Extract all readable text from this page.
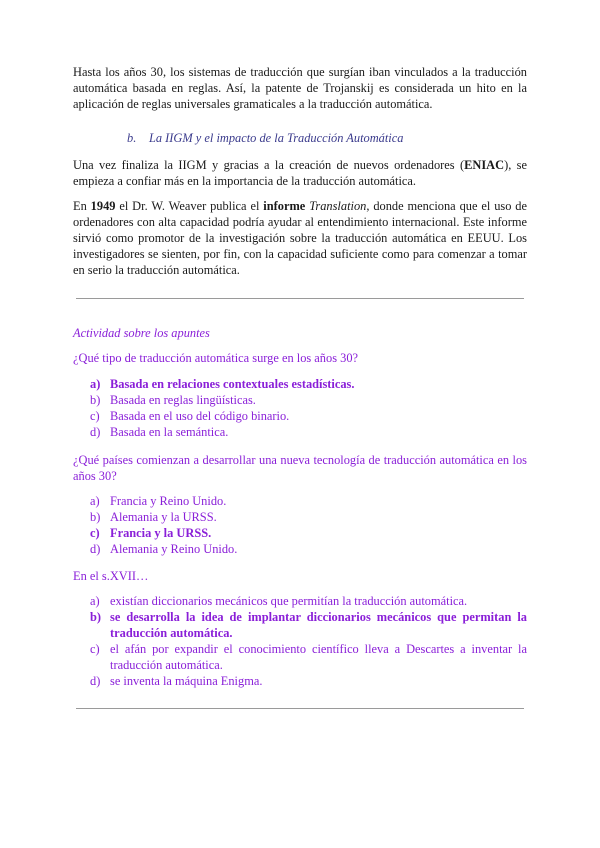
Hasta los años 30, los sistemas de traducción que surgían iban vinculados a la traducción automática basada en reglas. Así, la patente de Trojanskij es considerada un hito en la aplicación de reglas universales gramaticales a la traducción automática.

b. La IIGM y el impacto de la Traducción Automática

Una vez finaliza la IIGM y gracias a la creación de nuevos ordenadores (ENIAC), se empieza a confiar más en la importancia de la traducción automática.

En 1949 el Dr. W. Weaver publica el informe Translation, donde menciona que el uso de ordenadores con alta capacidad podría ayudar al entendimiento internacional. Este informe sirvió como promotor de la investigación sobre la traducción automática en EEUU. Los investigadores se sienten, por fin, con la capacidad suficiente como para comenzar a tomar en serio la traducción automática.

Actividad sobre los apuntes
¿Qué tipo de traducción automática surge en los años 30?
a) Basada en relaciones contextuales estadísticas.
b) Basada en reglas lingüísticas.
c) Basada en el uso del código binario.
d) Basada en la semántica.
¿Qué países comienzan a desarrollar una nueva tecnología de traducción automática en los años 30?
a) Francia y Reino Unido.
b) Alemania y la URSS.
c) Francia y la URSS.
d) Alemania y Reino Unido.
En el s.XVII…
a) existían diccionarios mecánicos que permitían la traducción automática.
b) se desarrolla la idea de implantar diccionarios mecánicos que permitan la traducción automática.
c) el afán por expandir el conocimiento científico lleva a Descartes a inventar la traducción automática.
d) se inventa la máquina Enigma.
